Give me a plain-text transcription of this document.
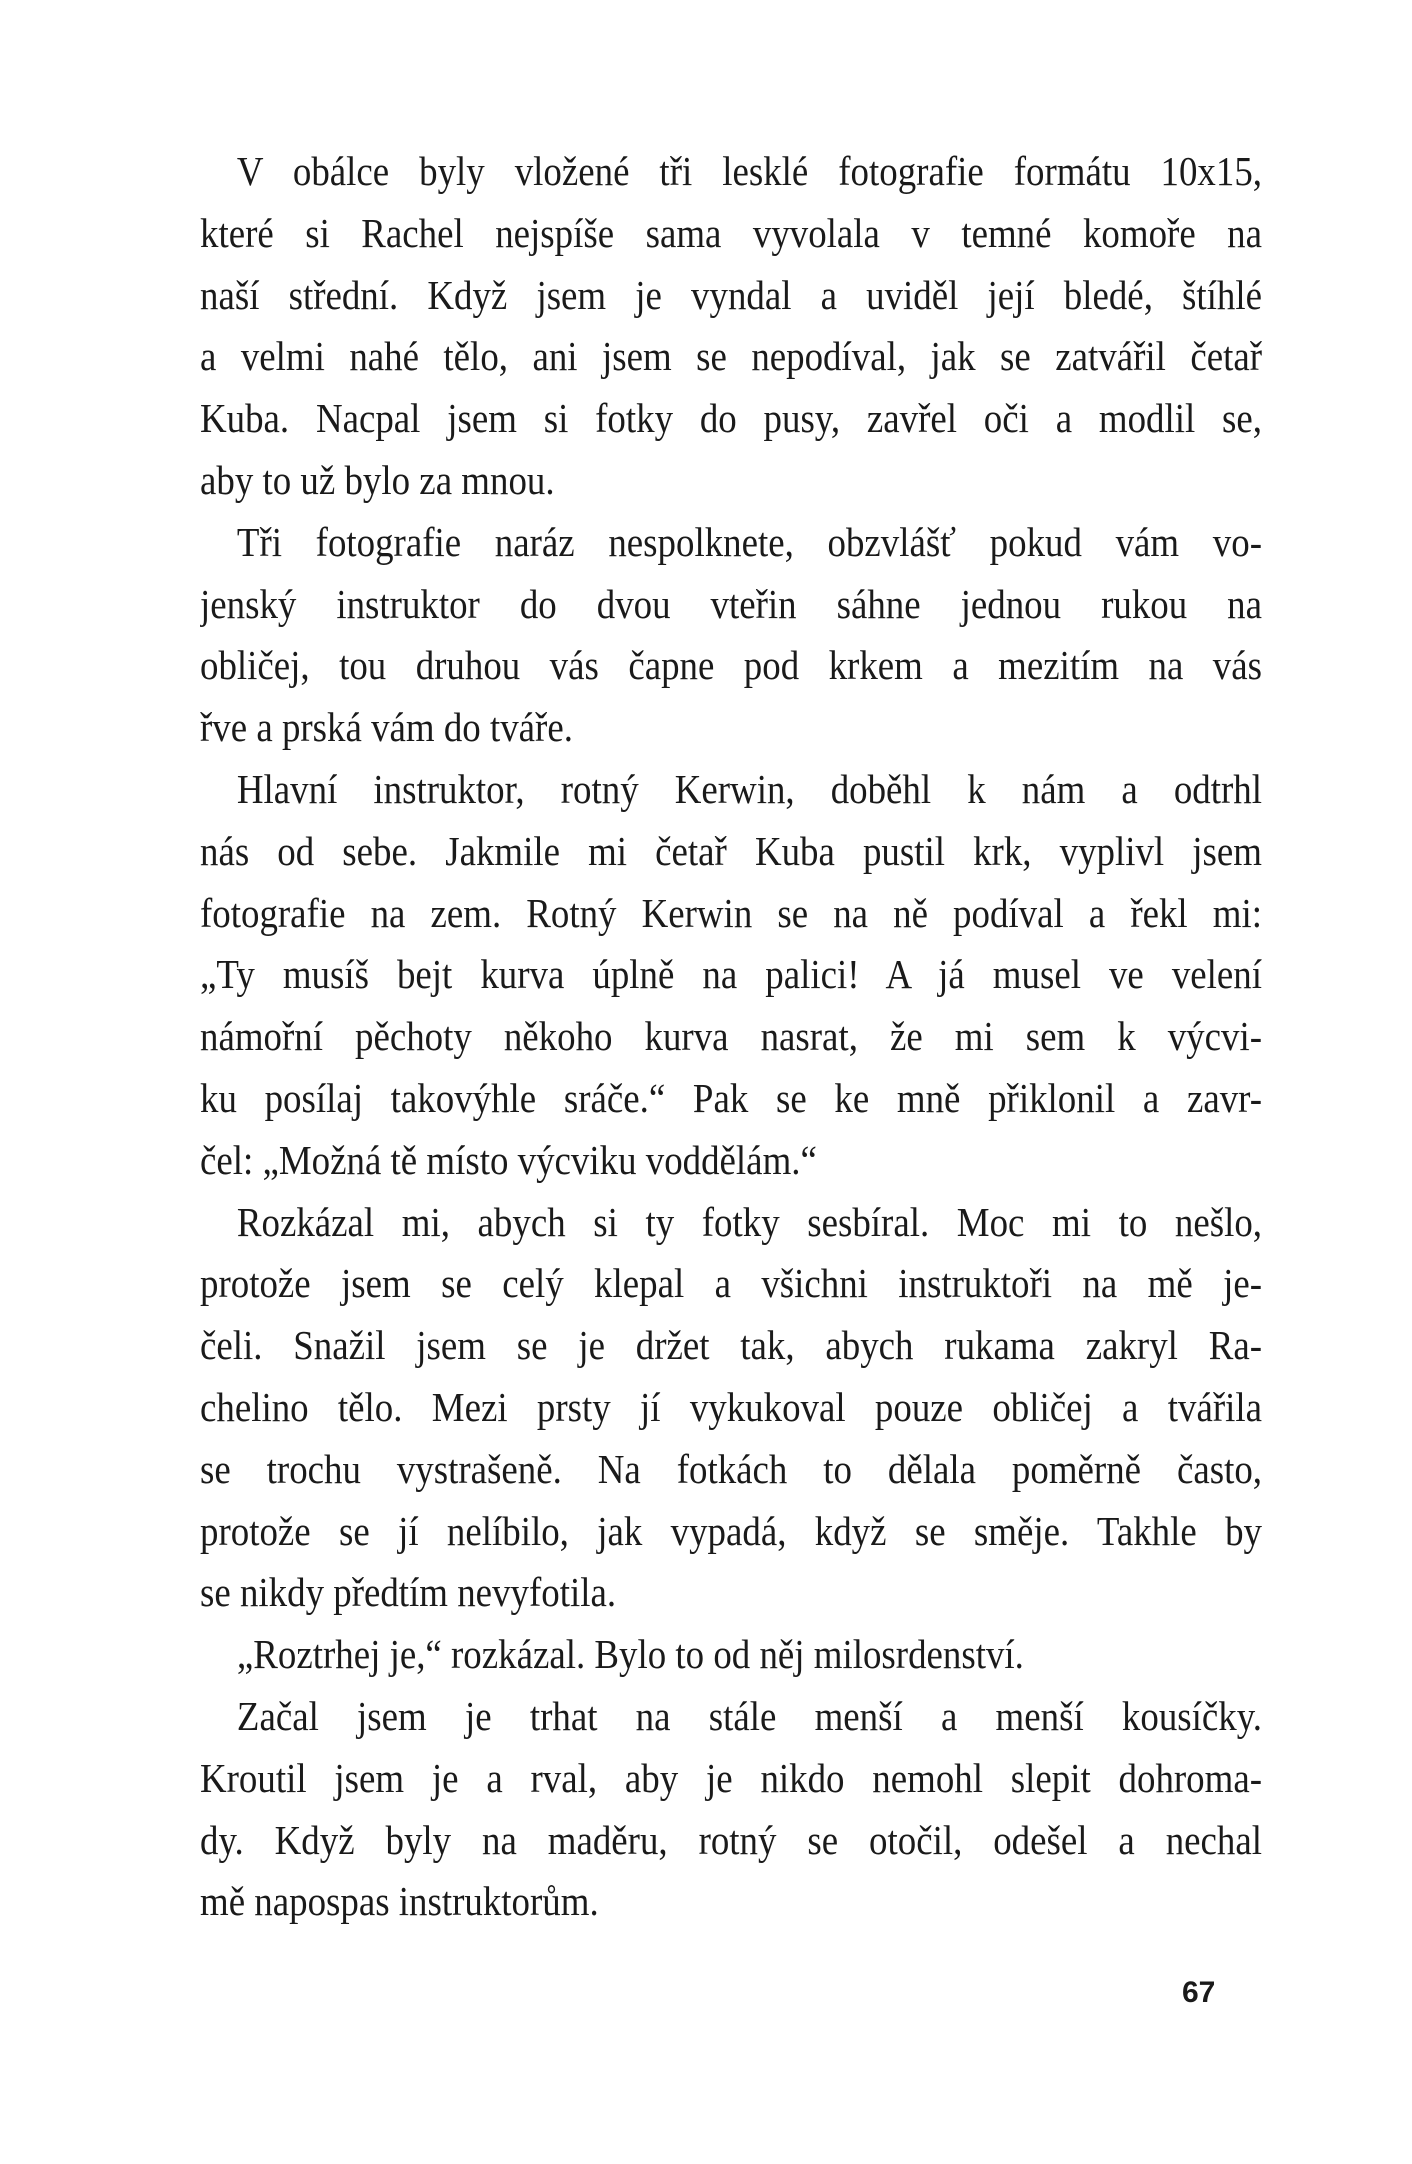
V obálce byly vložené tři lesklé fotografie formátu 10x15,
které si Rachel nejspíše sama vyvolala v temné komoře na
naší střední. Když jsem je vyndal a uviděl její bledé, štíhlé
a velmi nahé tělo, ani jsem se nepodíval, jak se zatvářil četař
Kuba. Nacpal jsem si fotky do pusy, zavřel oči a modlil se,
aby to už bylo za mnou.
Tři fotografie naráz nespolknete, obzvlášť pokud vám vo-
jenský instruktor do dvou vteřin sáhne jednou rukou na
obličej, tou druhou vás čapne pod krkem a mezitím na vás
řve a prská vám do tváře.
Hlavní instruktor, rotný Kerwin, doběhl k nám a odtrhl
nás od sebe. Jakmile mi četař Kuba pustil krk, vyplivl jsem
fotografie na zem. Rotný Kerwin se na ně podíval a řekl mi:
„Ty musíš bejt kurva úplně na palici! A já musel ve velení
námořní pěchoty někoho kurva nasrat, že mi sem k výcvi-
ku posílaj takovýhle sráče.“ Pak se ke mně přiklonil a zavr-
čel: „Možná tě místo výcviku voddělám.“
Rozkázal mi, abych si ty fotky sesbíral. Moc mi to nešlo,
protože jsem se celý klepal a všichni instruktoři na mě je-
čeli. Snažil jsem se je držet tak, abych rukama zakryl Ra-
chelino tělo. Mezi prsty jí vykukoval pouze obličej a tvářila
se trochu vystrašeně. Na fotkách to dělala poměrně často,
protože se jí nelíbilo, jak vypadá, když se směje. Takhle by
se nikdy předtím nevyfotila.
„Roztrhej je,“ rozkázal. Bylo to od něj milosrdenství.
Začal jsem je trhat na stále menší a menší kousíčky.
Kroutil jsem je a rval, aby je nikdo nemohl slepit dohroma-
dy. Když byly na maděru, rotný se otočil, odešel a nechal
mě napospas instruktorům.
67
